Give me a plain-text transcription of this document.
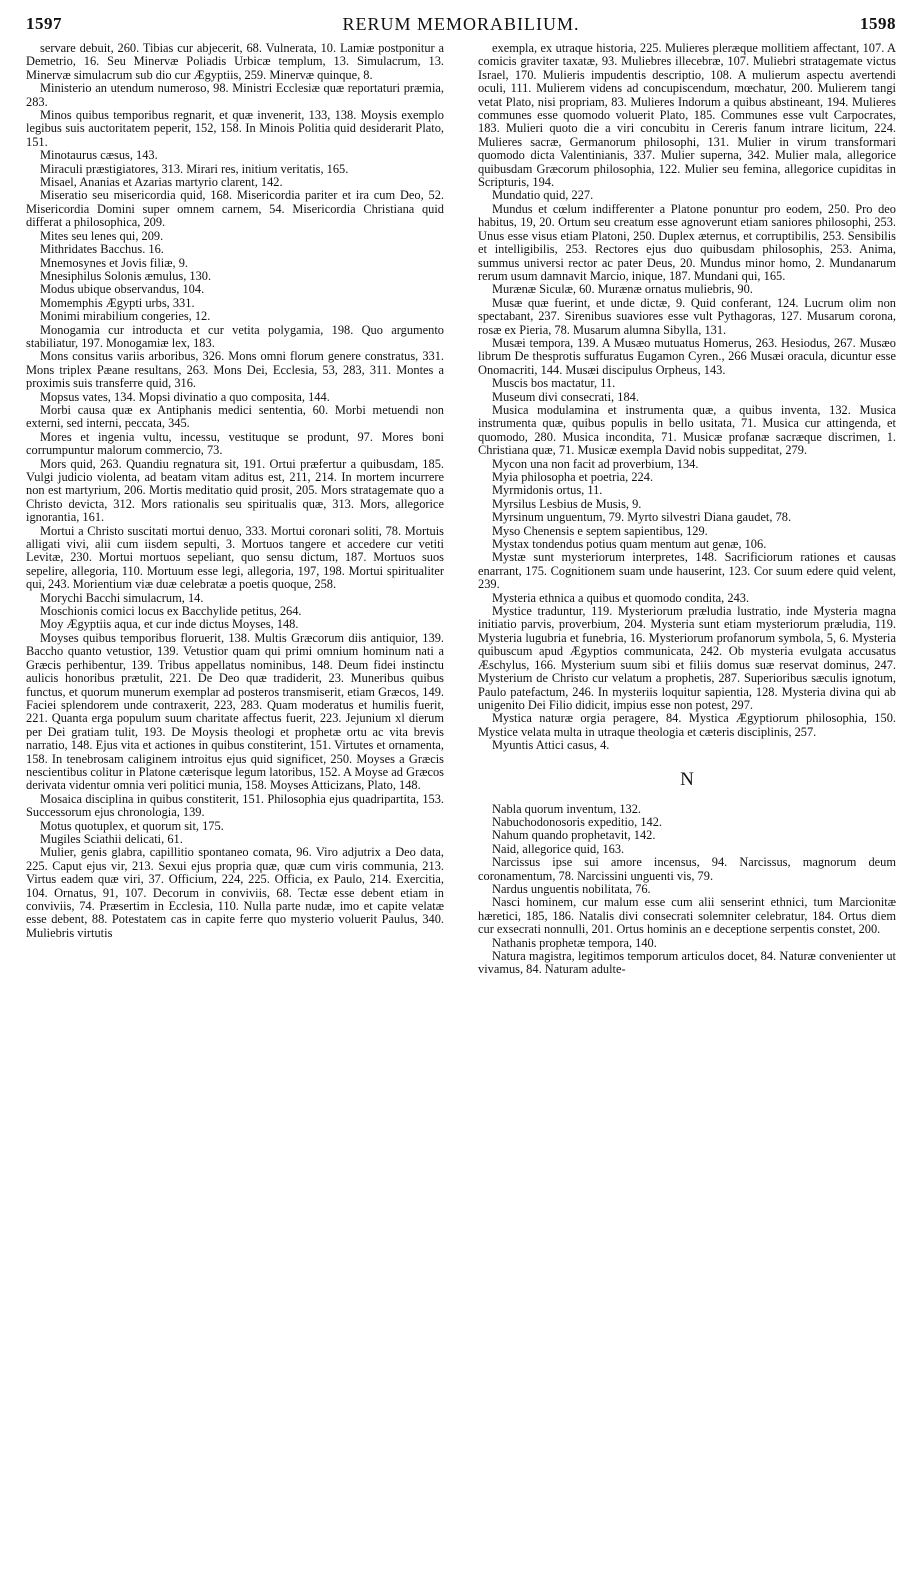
1597	RERUM MEMORABILIUM.	1598

servare debuit, 260. Tibias cur abjecerit, 68. Vulnerata, 10. Lamiæ postponitur a Demetrio, 16. Seu Minervæ Poliadis Urbicæ templum, 13. Simulacrum, 13. Minervæ simulacrum sub dio cur Ægyptiis, 259. Minervæ quinque, 8.

Ministerio an utendum numeroso, 98. Ministri Ecclesiæ quæ reportaturi præmia, 283.

Minos quibus temporibus regnarit, et quæ invenerit, 133, 138. Moysis exemplo legibus suis auctoritatem peperit, 152, 158. In Minois Politia quid desiderarit Plato, 151.

Minotaurus cæsus, 143.

Miraculi præstigiatores, 313. Mirari res, initium veritatis, 165.

Misael, Ananias et Azarias martyrio clarent, 142.

Miseratio seu misericordia quid, 168. Misericordia pariter et ira cum Deo, 52. Misericordia Domini super omnem carnem, 54. Misericordia Christiana quid differat a philosophica, 209.

Mites seu lenes qui, 209.

Mithridates Bacchus. 16.

Mnemosynes et Jovis filiæ, 9.

Mnesiphilus Solonis æmulus, 130.

Modus ubique observandus, 104.

Momemphis Ægypti urbs, 331.

Monimi mirabilium congeries, 12.

Monogamia cur introducta et cur vetita polygamia, 198. Quo argumento stabiliatur, 197. Monogamiæ lex, 183.

Mons consitus variis arboribus, 326. Mons omni florum genere constratus, 331. Mons triplex Pæane resultans, 263. Mons Dei, Ecclesia, 53, 283, 311. Montes a proximis suis transferre quid, 316.

Mopsus vates, 134. Mopsi divinatio a quo composita, 144.

Morbi causa quæ ex Antiphanis medici sententia, 60. Morbi metuendi non externi, sed interni, peccata, 345.

Mores et ingenia vultu, incessu, vestituque se produnt, 97. Mores boni corrumpuntur malorum commercio, 73.

Mors quid, 263. Quandiu regnatura sit, 191. Ortui præfertur a quibusdam, 185. Vulgi judicio violenta, ad beatam vitam aditus est, 211, 214. In mortem incurrere non est martyrium, 206. Mortis meditatio quid prosit, 205. Mors stratagemate quo a Christo devicta, 312. Mors rationalis seu spiritualis quæ, 313. Mors, allegorice ignorantia, 161.

Mortui a Christo suscitati mortui denuo, 333. Mortui coronari soliti, 78. Mortuis alligati vivi, alii cum iisdem sepulti, 3. Mortuos tangere et accedere cur vetiti Levitæ, 230. Mortui mortuos sepeliant, quo sensu dictum, 187. Mortuos suos sepelire, allegoria, 110. Mortuum esse legi, allegoria, 197, 198. Mortui spiritualiter qui, 243. Morientium viæ duæ celebratæ a poetis quoque, 258.

Morychi Bacchi simulacrum, 14.

Moschionis comici locus ex Bacchylide petitus, 264.

Moy Ægyptiis aqua, et cur inde dictus Moyses, 148.

Moyses quibus temporibus floruerit, 138. Multis Græcorum diis antiquior, 139. Baccho quanto vetustior, 139. Vetustior quam qui primi omnium hominum nati a Græcis perhibentur, 139. Tribus appellatus nominibus, 148. Deum fidei instinctu aulicis honoribus prætulit, 221. De Deo quæ tradiderit, 23. Muneribus quibus functus, et quorum munerum exemplar ad posteros transmiserit, etiam Græcos, 149. Faciei splendorem unde contraxerit, 223, 283. Quam moderatus et humilis fuerit, 221. Quanta erga populum suum charitate affectus fuerit, 223. Jejunium xl dierum per Dei gratiam tulit, 193. De Moysis theologi et prophetæ ortu ac vita brevis narratio, 148. Ejus vita et actiones in quibus constiterint, 151. Virtutes et ornamenta, 158. In tenebrosam caliginem introitus ejus quid significet, 250. Moyses a Græcis nescientibus colitur in Platone cæterisque legum latoribus, 152. A Moyse ad Græcos derivata videntur omnia veri politici munia, 158. Moyses Atticizans, Plato, 148.

Mosaica disciplina in quibus constiterit, 151. Philosophia ejus quadripartita, 153. Successorum ejus chronologia, 139.

Motus quotuplex, et quorum sit, 175.

Mugiles Sciathii delicati, 61.

Mulier, genis glabra, capillitio spontaneo comata, 96. Viro adjutrix a Deo data, 225. Caput ejus vir, 213. Sexui ejus propria quæ, quæ cum viris communia, 213. Virtus eadem quæ viri, 37. Officium, 224, 225. Officia, ex Paulo, 214. Exercitia, 104. Ornatus, 91, 107. Decorum in conviviis, 68. Tectæ esse debent etiam in conviviis, 74. Præsertim in Ecclesia, 110. Nulla parte nudæ, imo et capite velatæ esse debent, 88. Potestatem cas in capite ferre quo mysterio voluerit Paulus, 340. Muliebris virtutis

exempla, ex utraque historia, 225. Mulieres pleræque mollitiem affectant, 107. A comicis graviter taxatæ, 93. Muliebres illecebræ, 107. Muliebri stratagemate victus Israel, 170. Mulieris impudentis descriptio, 108. A mulierum aspectu avertendi oculi, 111. Mulierem videns ad concupiscendum, mœchatur, 200. Mulierem tangi vetat Plato, nisi propriam, 83. Mulieres Indorum a quibus abstineant, 194. Mulieres communes esse quomodo voluerit Plato, 185. Communes esse vult Carpocrates, 183. Mulieri quoto die a viri concubitu in Cereris fanum intrare licitum, 224. Mulieres sacræ, Germanorum philosophi, 131. Mulier in virum transformari quomodo dicta Valentinianis, 337. Mulier superna, 342. Mulier mala, allegorice quibusdam Græcorum philosophia, 122. Mulier seu femina, allegorice cupiditas in Scripturis, 194.

Mundatio quid, 227.

Mundus et cœlum indifferenter a Platone ponuntur pro eodem, 250. Pro deo habitus, 19, 20. Ortum seu creatum esse agnoverunt etiam saniores philosophi, 253. Unus esse visus etiam Platoni, 250. Duplex æternus, et corruptibilis, 253. Sensibilis et intelligibilis, 253. Rectores ejus duo quibusdam philosophis, 253. Anima, summus universi rector ac pater Deus, 20. Mundus minor homo, 2. Mundanarum rerum usum damnavit Marcio, inique, 187. Mundani qui, 165.

Murænæ Siculæ, 60. Murænæ ornatus muliebris, 90.

Musæ quæ fuerint, et unde dictæ, 9. Quid conferant, 124. Lucrum olim non spectabant, 237. Sirenibus suaviores esse vult Pythagoras, 127. Musarum corona, rosæ ex Pieria, 78. Musarum alumna Sibylla, 131.

Musæi tempora, 139. A Musæo mutuatus Homerus, 263. Hesiodus, 267. Musæo librum De thesprotis suffuratus Eugamon Cyren., 266 Musæi oracula, dicuntur esse Onomacriti, 144. Musæi discipulus Orpheus, 143.

Muscis bos mactatur, 11.

Museum divi consecrati, 184.

Musica modulamina et instrumenta quæ, a quibus inventa, 132. Musica instrumenta quæ, quibus populis in bello usitata, 71. Musica cur attingenda, et quomodo, 280. Musica incondita, 71. Musicæ profanæ sacræque discrimen, 1. Christiana quæ, 71. Musicæ exempla David nobis suppeditat, 279.

Mycon una non facit ad proverbium, 134.

Myia philosopha et poetria, 224.

Myrmidonis ortus, 11.

Myrsilus Lesbius de Musis, 9.

Myrsinum unguentum, 79. Myrto silvestri Diana gaudet, 78.

Myso Chenensis e septem sapientibus, 129.

Mystax tondendus potius quam mentum aut genæ, 106.

Mystæ sunt mysteriorum interpretes, 148. Sacrificiorum rationes et causas enarrant, 175. Cognitionem suam unde hauserint, 123. Cor suum edere quid velent, 239.

Mysteria ethnica a quibus et quomodo condita, 243.

Mystice traduntur, 119. Mysteriorum præludia lustratio, inde Mysteria magna initiatio parvis, proverbium, 204. Mysteria sunt etiam mysteriorum præludia, 119. Mysteria lugubria et funebria, 16. Mysteriorum profanorum symbola, 5, 6. Mysteria quibuscum apud Ægyptios communicata, 242. Ob mysteria evulgata accusatus Æschylus, 166. Mysterium suum sibi et filiis domus suæ reservat dominus, 247. Mysterium de Christo cur velatum a prophetis, 287. Superioribus sæculis ignotum, Paulo patefactum, 246. In mysteriis loquitur sapientia, 128. Mysteria divina qui ab unigenito Dei Filio didicit, impius esse non potest, 297.

Mystica naturæ orgia peragere, 84. Mystica Ægyptiorum philosophia, 150. Mystice velata multa in utraque theologia et cæteris disciplinis, 257.

Myuntis Attici casus, 4.

N

Nabla quorum inventum, 132.

Nabuchodonosoris expeditio, 142.

Nahum quando prophetavit, 142.

Naid, allegorice quid, 163.

Narcissus ipse sui amore incensus, 94. Narcissus, magnorum deum coronamentum, 78. Narcissini unguenti vis, 79.

Nardus unguentis nobilitata, 76.

Nasci hominem, cur malum esse cum alii senserint ethnici, tum Marcionitæ hæretici, 185, 186. Natalis divi consecrati solemniter celebratur, 184. Ortus diem cur exsecrati nonnulli, 201. Ortus hominis an e deceptione serpentis constet, 200.

Nathanis prophetæ tempora, 140.

Natura magistra, legitimos temporum articulos docet, 84. Naturæ convenienter ut vivamus, 84. Naturam adulte-
